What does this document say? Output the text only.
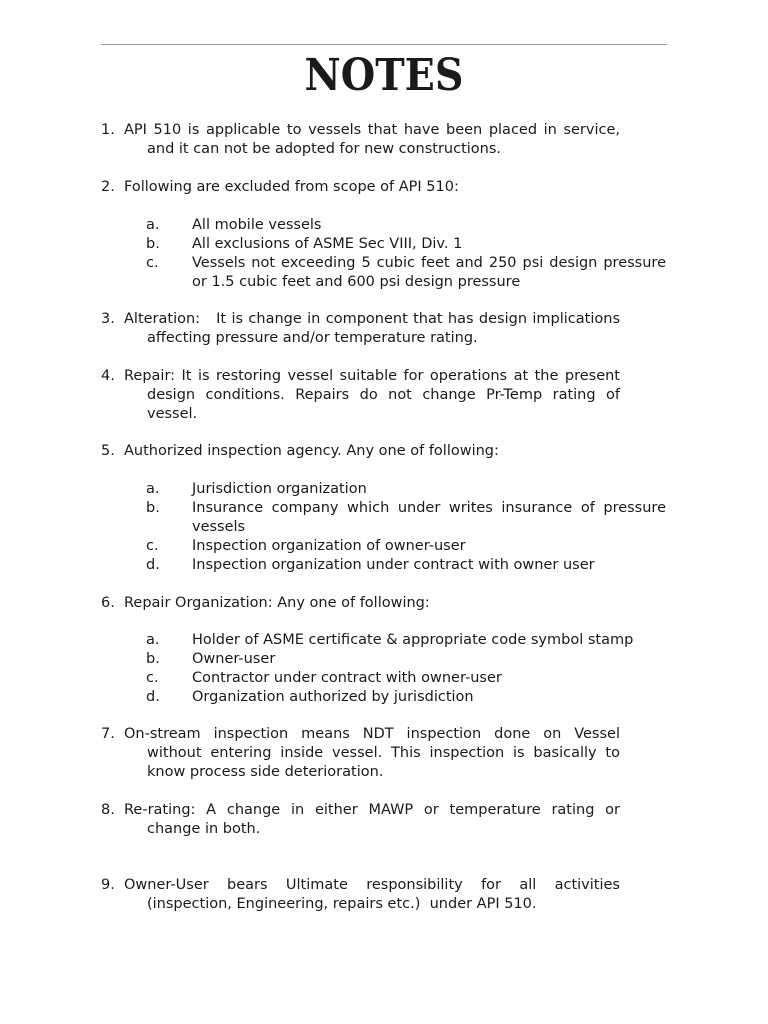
NOTES
1. API 510 is applicable to vessels that have been placed in service, and it can not be adopted for new constructions.
2. Following are excluded from scope of API 510:
a. All mobile vessels
b. All exclusions of ASME Sec VIII, Div. 1
c. Vessels not exceeding 5 cubic feet and 250 psi design pressure or 1.5 cubic feet and 600 psi design pressure
3. Alteration:   It is change in component that has design implications affecting pressure and/or temperature rating.
4. Repair: It is restoring vessel suitable for operations at the present design conditions. Repairs do not change Pr-Temp rating of vessel.
5. Authorized inspection agency. Any one of following:
a. Jurisdiction organization
b. Insurance company which under writes insurance of pressure vessels
c. Inspection organization of owner-user
d. Inspection organization under contract with owner user
6. Repair Organization: Any one of following:
a. Holder of ASME certificate & appropriate code symbol stamp
b. Owner-user
c. Contractor under contract with owner-user
d. Organization authorized by jurisdiction
7. On-stream inspection means NDT inspection done on Vessel without entering inside vessel. This inspection is basically to know process side deterioration.
8. Re-rating: A change in either MAWP or temperature rating or change in both.
9. Owner-User bears Ultimate responsibility for all activities (inspection, Engineering, repairs etc.)  under API 510.
